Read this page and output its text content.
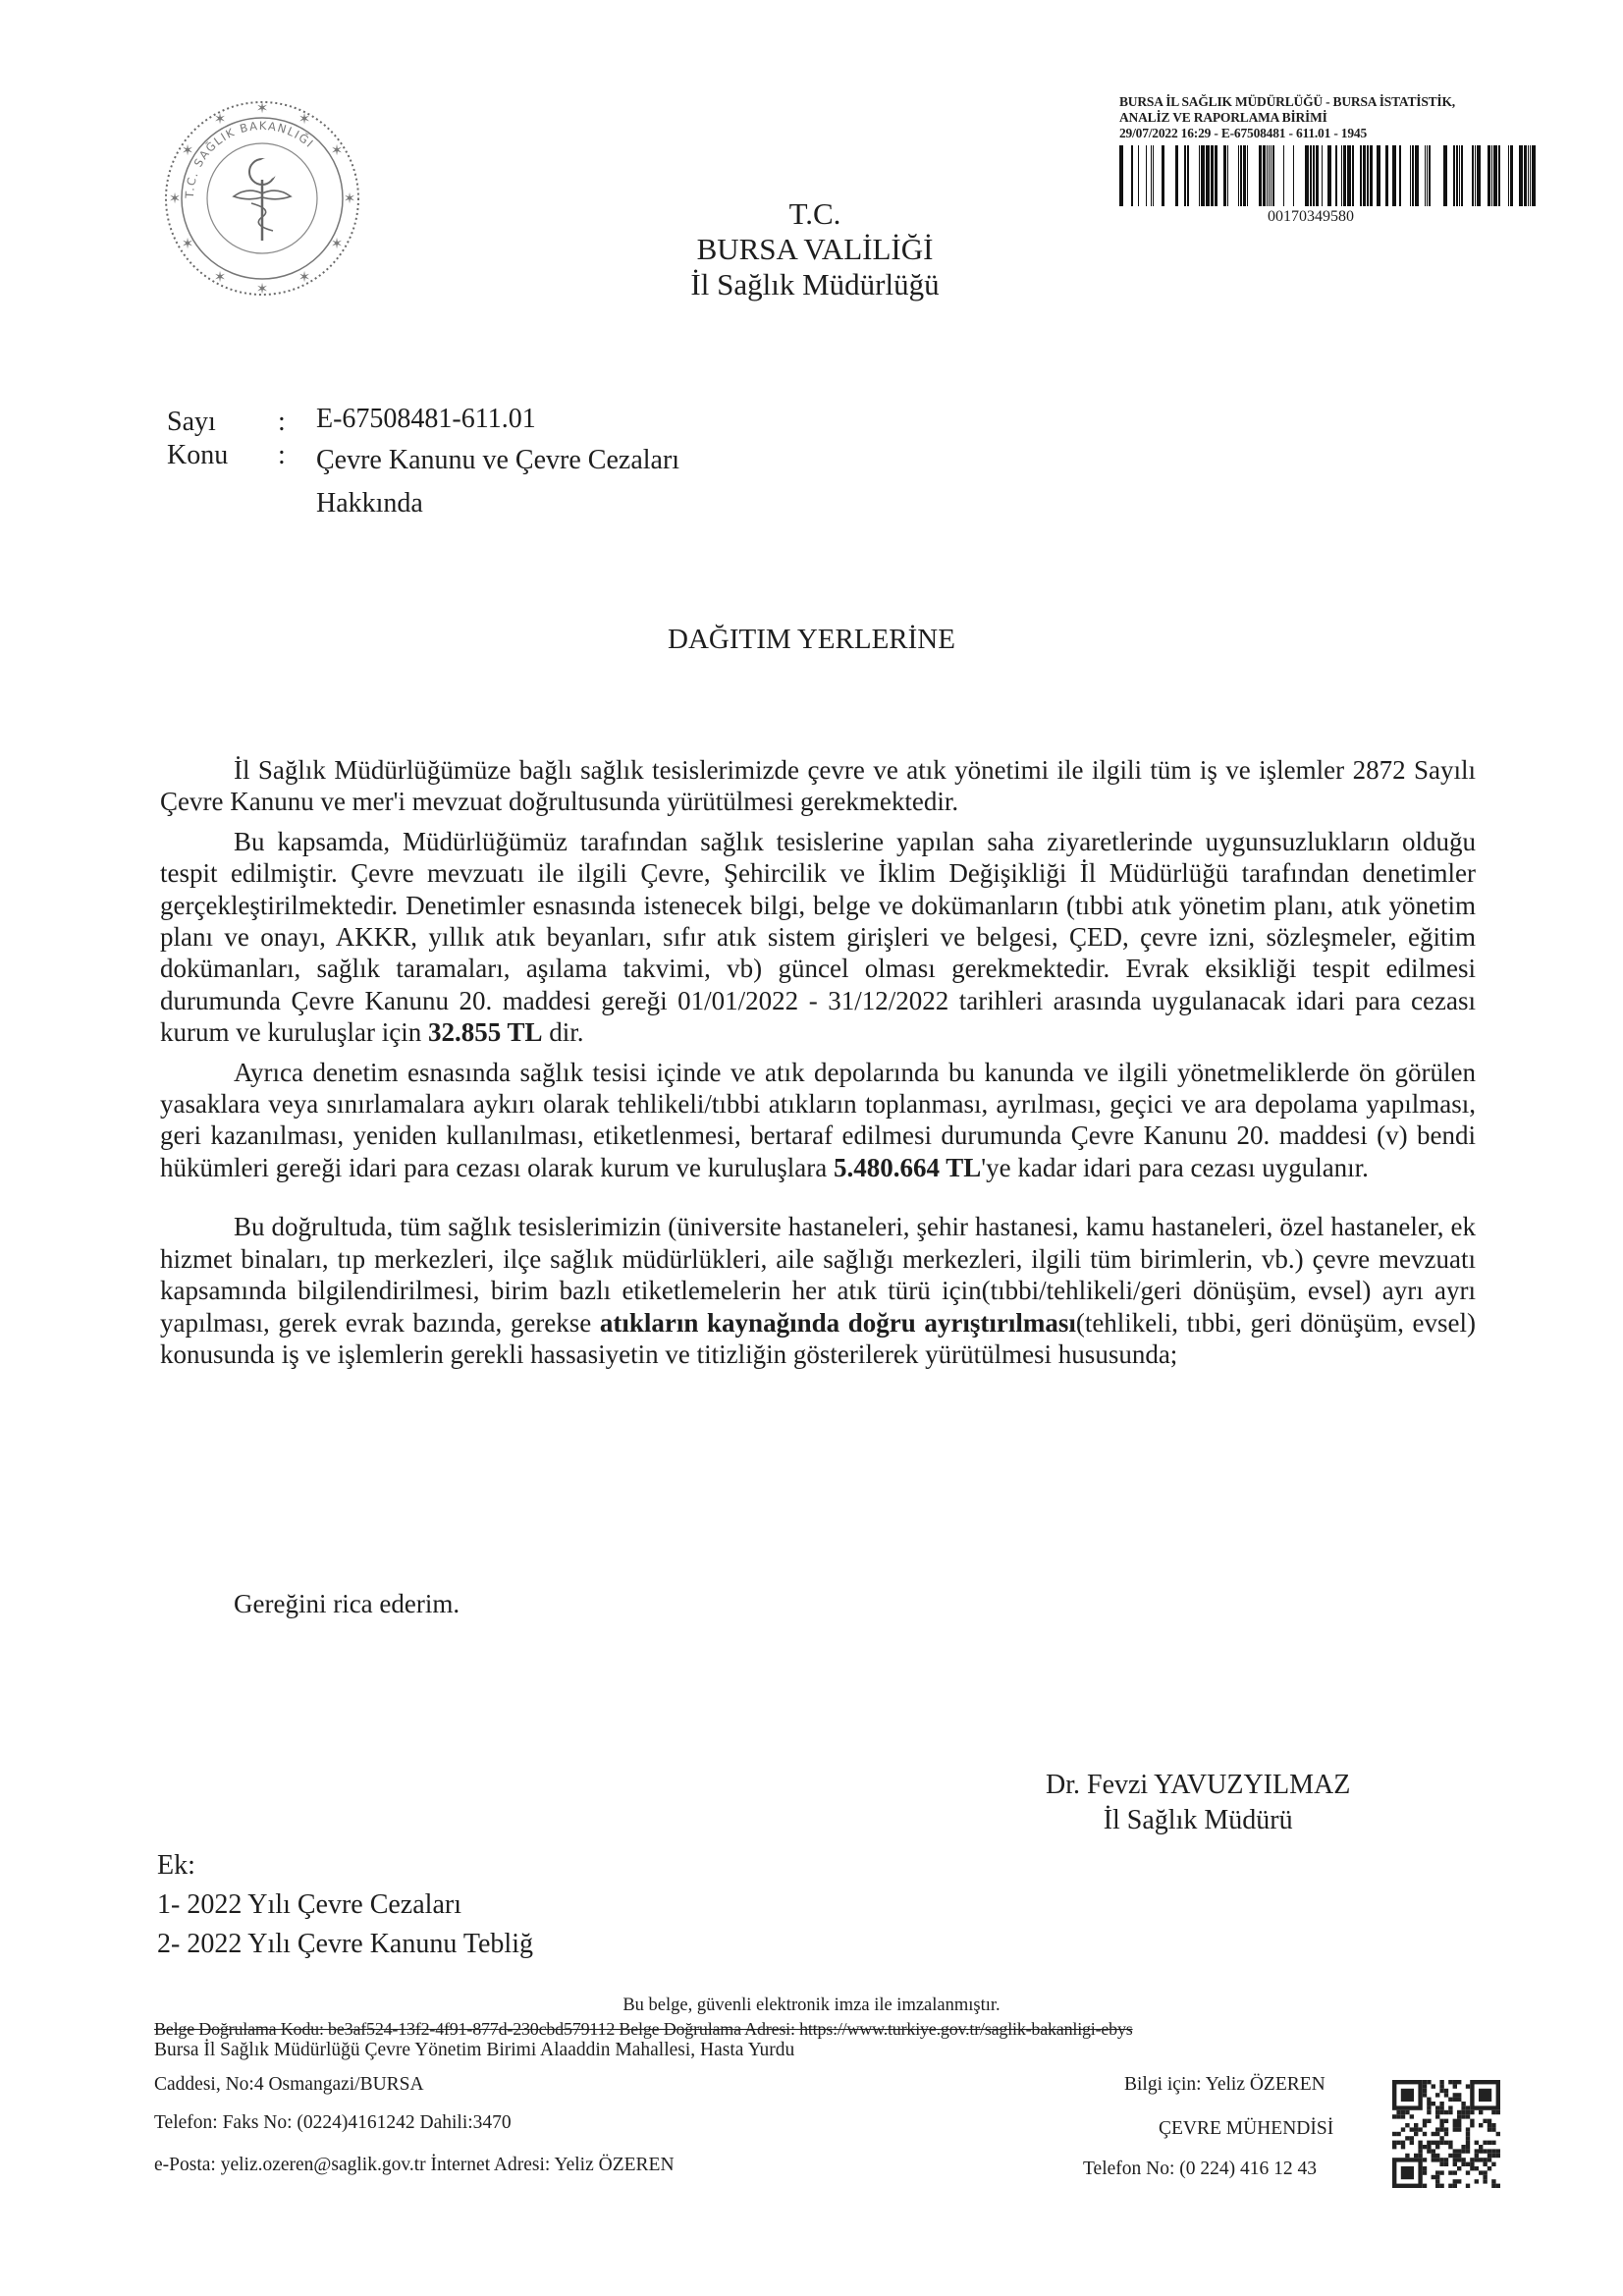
T.C. SAĞLIK BAKANLIĞI
✶
✶
✶
✶
✶
✶
✶
✶
✶
✶
✶
✶
BURSA İL SAĞLIK MÜDÜRLÜĞÜ - BURSA İSTATİSTİK,
ANALİZ VE RAPORLAMA BİRİMİ
29/07/2022 16:29 - E-67508481 - 611.01 - 1945
00170349580
T.C.
BURSA VALİLİĞİ
İl Sağlık Müdürlüğü
Sayı : E-67508481-611.01
Konu : Çevre Kanunu ve Çevre Cezaları
Hakkında
DAĞITIM YERLERİNE

İl Sağlık Müdürlüğümüze bağlı sağlık tesislerimizde çevre ve atık yönetimi ile ilgili tüm iş ve işlemler 2872 Sayılı Çevre Kanunu ve mer'i mevzuat doğrultusunda yürütülmesi gerekmektedir.

Bu kapsamda, Müdürlüğümüz tarafından sağlık tesislerine yapılan saha ziyaretlerinde uygunsuzlukların olduğu tespit edilmiştir. Çevre mevzuatı ile ilgili Çevre, Şehircilik ve İklim Değişikliği İl Müdürlüğü tarafından denetimler gerçekleştirilmektedir. Denetimler esnasında istenecek bilgi, belge ve dokümanların (tıbbi atık yönetim planı, atık yönetim planı ve onayı, AKKR, yıllık atık beyanları, sıfır atık sistem girişleri ve belgesi, ÇED, çevre izni, sözleşmeler, eğitim dokümanları, sağlık taramaları, aşılama takvimi, vb) güncel olması gerekmektedir. Evrak eksikliği tespit edilmesi durumunda Çevre Kanunu 20. maddesi gereği 01/01/2022 - 31/12/2022 tarihleri arasında uygulanacak idari para cezası kurum ve kuruluşlar için 32.855 TL dir.

Ayrıca denetim esnasında sağlık tesisi içinde ve atık depolarında bu kanunda ve ilgili yönetmeliklerde ön görülen yasaklara veya sınırlamalara aykırı olarak tehlikeli/tıbbi atıkların toplanması, ayrılması, geçici ve ara depolama yapılması, geri kazanılması, yeniden kullanılması, etiketlenmesi, bertaraf edilmesi durumunda Çevre Kanunu 20. maddesi (v) bendi hükümleri gereği idari para cezası olarak kurum ve kuruluşlara 5.480.664 TL'ye kadar idari para cezası uygulanır.

Bu doğrultuda, tüm sağlık tesislerimizin (üniversite hastaneleri, şehir hastanesi, kamu hastaneleri, özel hastaneler, ek hizmet binaları, tıp merkezleri, ilçe sağlık müdürlükleri, aile sağlığı merkezleri, ilgili tüm birimlerin, vb.) çevre mevzuatı kapsamında bilgilendirilmesi, birim bazlı etiketlemelerin her atık türü için(tıbbi/tehlikeli/geri dönüşüm, evsel) ayrı ayrı yapılması, gerek evrak bazında, gerekse atıkların kaynağında doğru ayrıştırılması(tehlikeli, tıbbi, geri dönüşüm, evsel) konusunda iş ve işlemlerin gerekli hassasiyetin ve titizliğin gösterilerek yürütülmesi hususunda;

Gereğini rica ederim.
Dr. Fevzi YAVUZYILMAZ
İl Sağlık Müdürü
Ek:
1- 2022 Yılı Çevre Cezaları
2- 2022 Yılı Çevre Kanunu Tebliğ
Bu belge, güvenli elektronik imza ile imzalanmıştır.
Belge Doğrulama Kodu: be3af524-13f2-4f91-877d-230cbd579112 Belge Doğrulama Adresi: https://www.turkiye.gov.tr/saglik-bakanligi-ebys
Bursa İl Sağlık Müdürlüğü Çevre Yönetim Birimi Alaaddin Mahallesi, Hasta Yurdu
Caddesi, No:4 Osmangazi/BURSA
Telefon: Faks No: (0224)4161242 Dahili:3470
e-Posta: yeliz.ozeren@saglik.gov.tr İnternet Adresi: Yeliz ÖZEREN
Bilgi için: Yeliz ÖZEREN
ÇEVRE MÜHENDİSİ
Telefon No: (0 224) 416 12 43
